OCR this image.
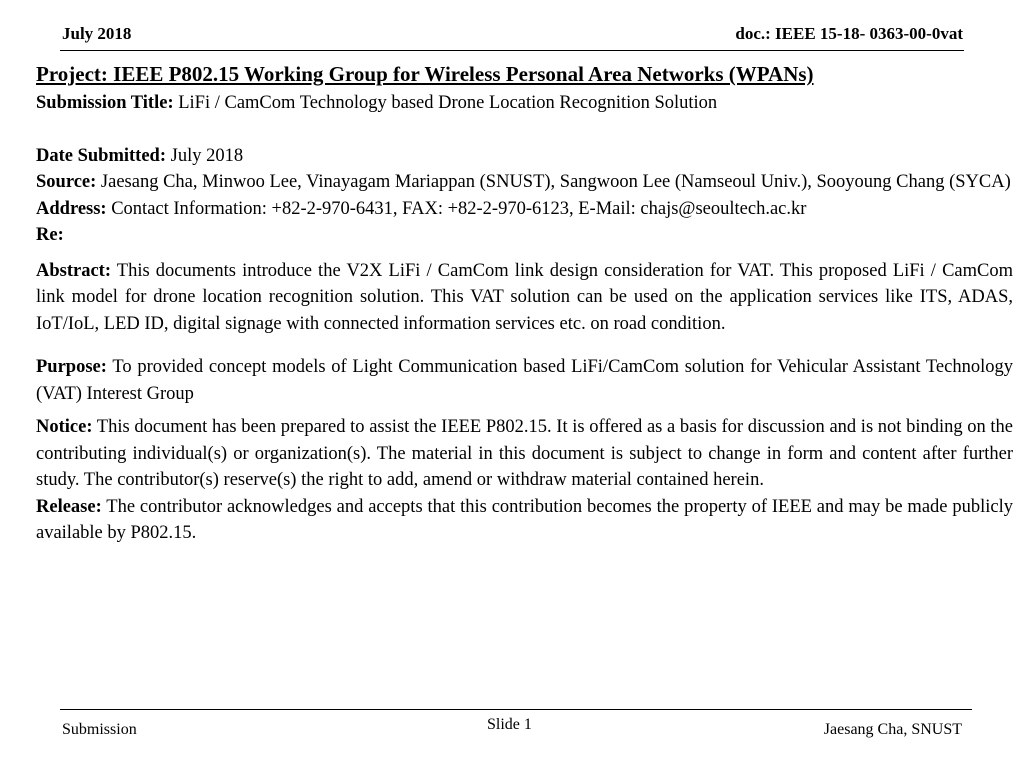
July 2018	doc.: IEEE 15-18- 0363-00-0vat
Project: IEEE P802.15 Working Group for Wireless Personal Area Networks (WPANs)

Submission Title: LiFi / CamCom Technology based Drone Location Recognition Solution

Date Submitted: July 2018

Source: Jaesang Cha, Minwoo Lee, Vinayagam Mariappan (SNUST), Sangwoon Lee (Namseoul Univ.), Sooyoung Chang (SYCA)

Address: Contact Information: +82-2-970-6431, FAX: +82-2-970-6123, E-Mail: chajs@seoultech.ac.kr

Re:

Abstract: This documents introduce the V2X LiFi / CamCom link design consideration for VAT. This proposed LiFi / CamCom link model for drone location recognition solution. This VAT solution can be used on the application services like ITS, ADAS, IoT/IoL, LED ID, digital signage with connected information services etc. on road condition.

Purpose: To provided concept models of Light Communication based LiFi/CamCom solution for Vehicular Assistant Technology (VAT) Interest Group

Notice: This document has been prepared to assist the IEEE P802.15. It is offered as a basis for discussion and is not binding on the contributing individual(s) or organization(s). The material in this document is subject to change in form and content after further study. The contributor(s) reserve(s) the right to add, amend or withdraw material contained herein.

Release: The contributor acknowledges and accepts that this contribution becomes the property of IEEE and may be made publicly available by P802.15.

Submission	Slide 1	Jaesang Cha, SNUST
